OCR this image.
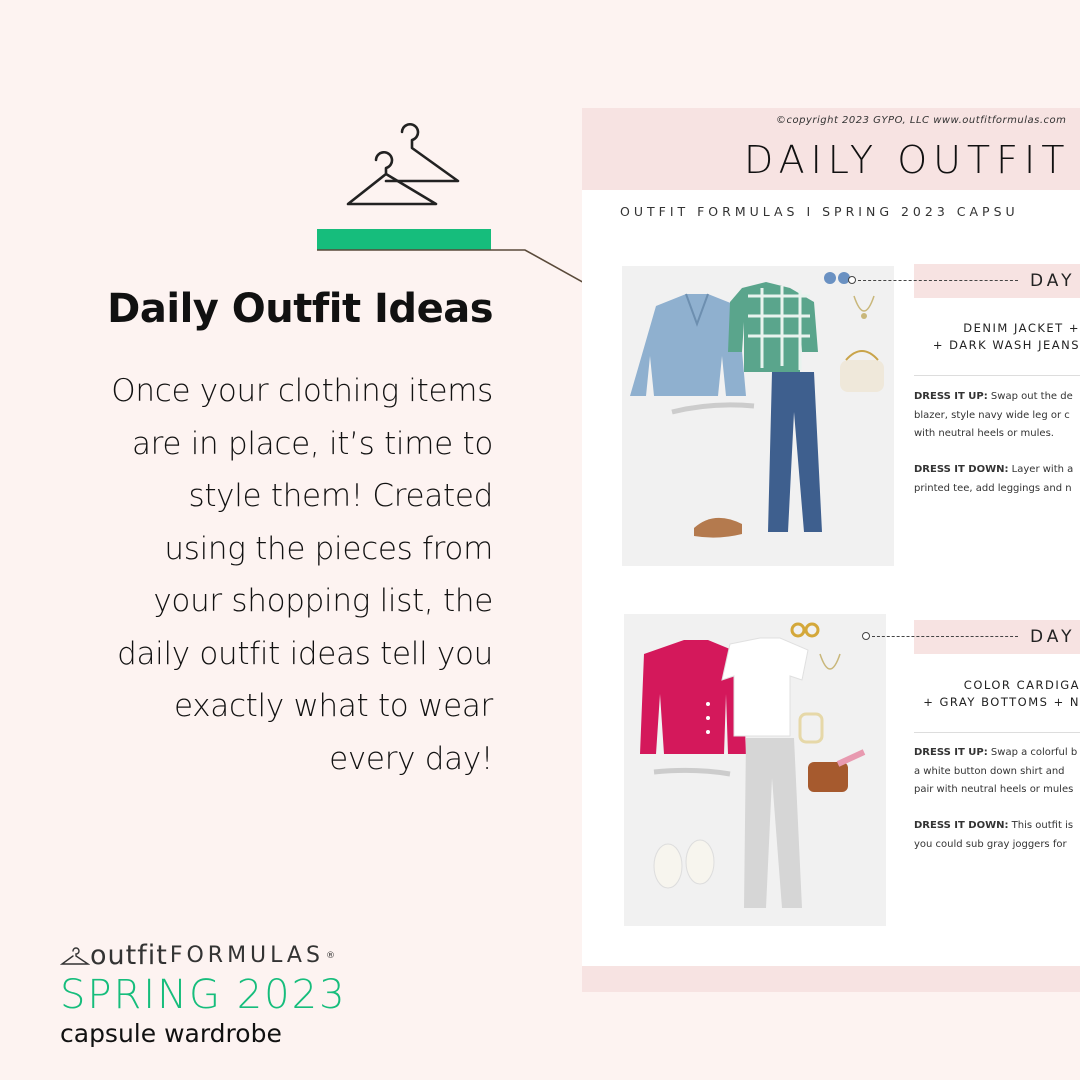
Daily Outfit Ideas
Once your clothing items
are in place, it’s time to
style them! Created
using the pieces from
your shopping list, the
daily outfit ideas tell you
exactly what to wear
every day!
outfit FORMULAS ®
SPRING 2023
capsule wardrobe
DAILY OUTFIT
OUTFIT FORMULAS I SPRING 2023 CAPSU
DAY
DENIM JACKET +
+ DARK WASH JEANS
DRESS IT UP: Swap out the de
blazer, style navy wide leg or c
with neutral heels or mules.
DRESS IT DOWN: Layer with a
printed tee, add leggings and n
DAY
COLOR CARDIGA
+ GRAY BOTTOMS + N
DRESS IT UP: Swap a colorful b
a white button down shirt and
pair with neutral heels or mules
DRESS IT DOWN: This outfit is
you could sub gray joggers for
©copyright 2023 GYPO, LLC www.outfitformulas.com
